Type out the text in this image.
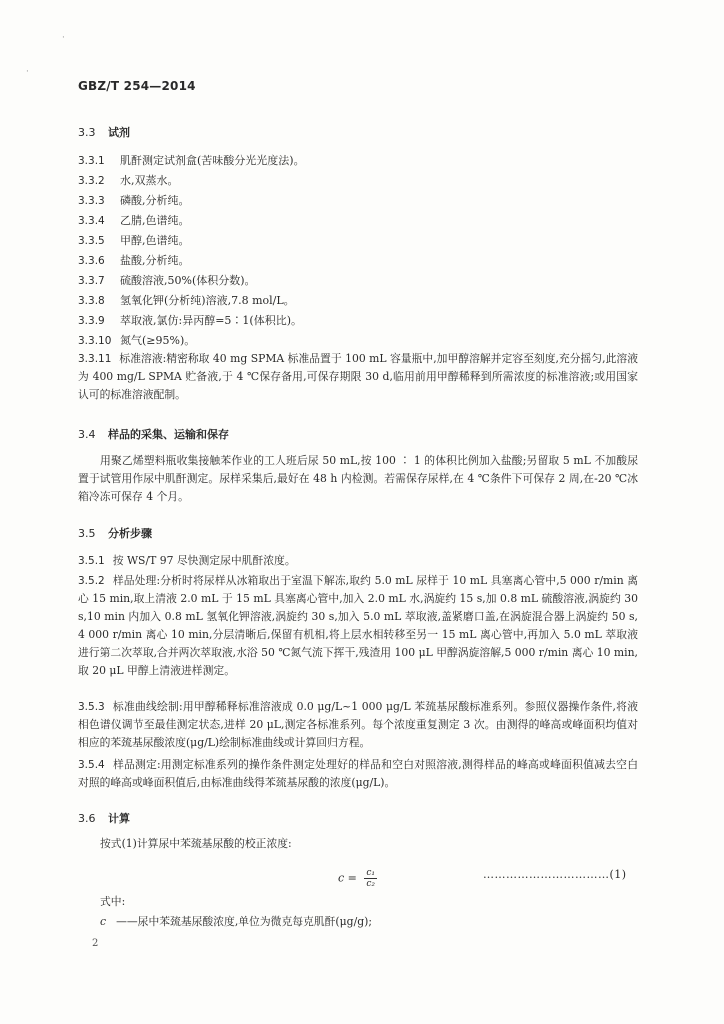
·
·
GBZ/T 254—2014
3.3 试剂
3.3.1 肌酐测定试剂盒(苦味酸分光光度法)。
3.3.2 水,双蒸水。
3.3.3 磷酸,分析纯。
3.3.4 乙腈,色谱纯。
3.3.5 甲醇,色谱纯。
3.3.6 盐酸,分析纯。
3.3.7 硫酸溶液,50%(体积分数)。
3.3.8 氢氧化钾(分析纯)溶液,7.8 mol/L。
3.3.9 萃取液,氯仿:异丙醇=5∶1(体积比)。
3.3.10 氮气(≥95%)。
3.3.11 标准溶液:精密称取 40 mg SPMA 标准品置于 100 mL 容量瓶中,加甲醇溶解并定容至刻度,充分摇匀,此溶液为 400 mg/L SPMA 贮备液,于 4 ℃保存备用,可保存期限 30 d,临用前用甲醇稀释到所需浓度的标准溶液;或用国家认可的标准溶液配制。
3.4 样品的采集、运输和保存
用聚乙烯塑料瓶收集接触苯作业的工人班后尿 50 mL,按 100 ∶ 1 的体积比例加入盐酸;另留取 5 mL 不加酸尿置于试管用作尿中肌酐测定。尿样采集后,最好在 48 h 内检测。若需保存尿样,在 4 ℃条件下可保存 2 周,在-20 ℃冰箱冷冻可保存 4 个月。
3.5 分析步骤
3.5.1 按 WS/T 97 尽快测定尿中肌酐浓度。
3.5.2 样品处理:分析时将尿样从冰箱取出于室温下解冻,取约 5.0 mL 尿样于 10 mL 具塞离心管中,5 000 r/min 离心 15 min,取上清液 2.0 mL 于 15 mL 具塞离心管中,加入 2.0 mL 水,涡旋约 15 s,加 0.8 mL 硫酸溶液,涡旋约 30 s,10 min 内加入 0.8 mL 氢氧化钾溶液,涡旋约 30 s,加入 5.0 mL 萃取液,盖紧磨口盖,在涡旋混合器上涡旋约 50 s,4 000 r/min 离心 10 min,分层清晰后,保留有机相,将上层水相转移至另一 15 mL 离心管中,再加入 5.0 mL 萃取液进行第二次萃取,合并两次萃取液,水浴 50 ℃氮气流下挥干,残渣用 100 μL 甲醇涡旋溶解,5 000 r/min 离心 10 min,取 20 μL 甲醇上清液进样测定。
3.5.3 标准曲线绘制:用甲醇稀释标准溶液成 0.0 μg/L~1 000 μg/L 苯巯基尿酸标准系列。参照仪器操作条件,将液相色谱仪调节至最佳测定状态,进样 20 μL,测定各标准系列。每个浓度重复测定 3 次。由测得的峰高或峰面积均值对相应的苯巯基尿酸浓度(μg/L)绘制标准曲线或计算回归方程。
3.5.4 样品测定:用测定标准系列的操作条件测定处理好的样品和空白对照溶液,测得样品的峰高或峰面积值减去空白对照的峰高或峰面积值后,由标准曲线得苯巯基尿酸的浓度(μg/L)。
3.6 计算
按式(1)计算尿中苯巯基尿酸的校正浓度:
$c = \frac{\text{c₁}}{\text{c₂}}$	……………………………(1)
式中:
c ——尿中苯巯基尿酸浓度,单位为微克每克肌酐(μg/g);
2
